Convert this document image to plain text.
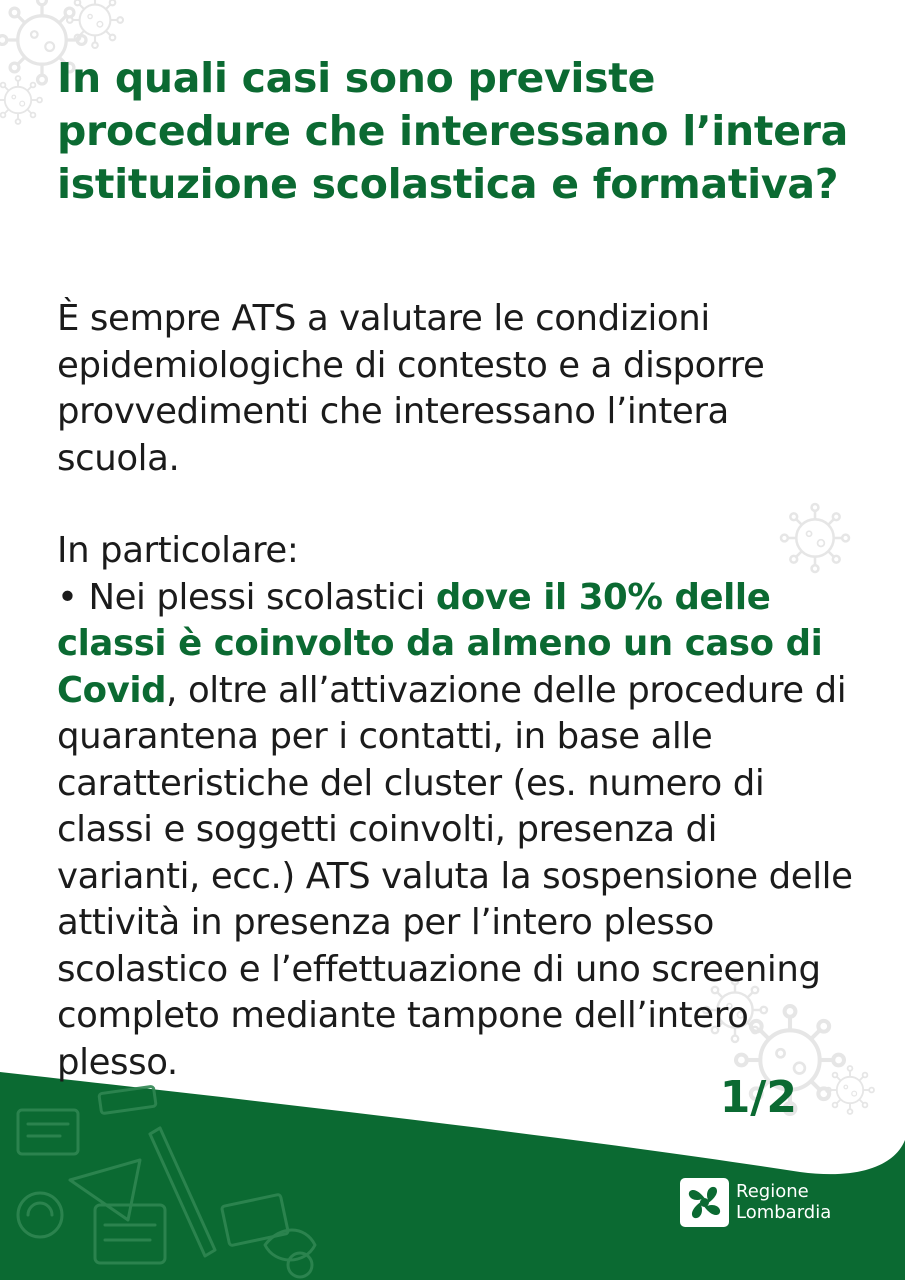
In quali casi sono previste procedure che interessano l’intera istituzione scolastica e formativa?

È sempre ATS a valutare le condizioni epidemiologiche di contesto e a disporre provvedimenti che interessano l’intera scuola.

In particolare:

• Nei plessi scolastici dove il 30% delle classi è coinvolto da almeno un caso di Covid, oltre all’attivazione delle procedure di quarantena per i contatti, in base alle caratteristiche del cluster (es. numero di classi e soggetti coinvolti, presenza di varianti, ecc.) ATS valuta la sospensione delle attività in presenza per l’intero plesso scolastico e l’effettuazione di uno screening completo mediante tampone dell’intero plesso.

1/2
Regione
Lombardia
